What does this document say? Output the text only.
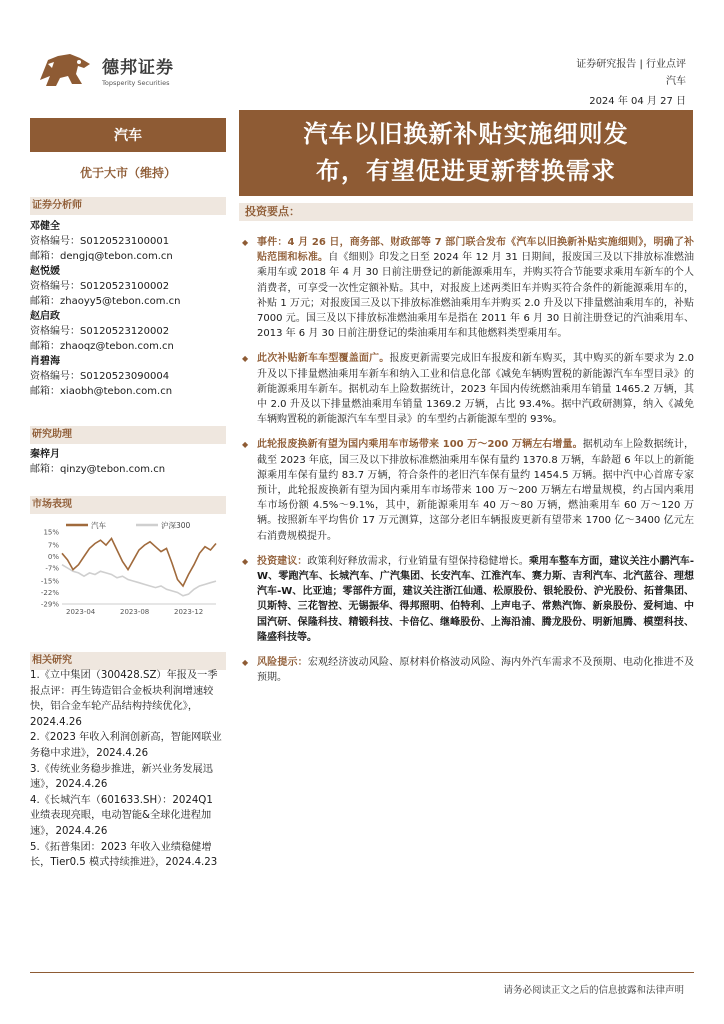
德邦证券
Topsperity Securities
证券研究报告 | 行业点评
汽车
2024 年 04 月 27 日
汽车
优于大市（维持）
汽车以旧换新补贴实施细则发
布，有望促进更新替换需求
证券分析师
邓健全
资格编号：S0120523100001
邮箱：dengjq@tebon.com.cn
赵悦媛
资格编号：S0120523100002
邮箱：zhaoyy5@tebon.com.cn
赵启政
资格编号：S0120523120002
邮箱：zhaoqz@tebon.com.cn
肖碧海
资格编号：S0120523090004
邮箱：xiaobh@tebon.com.cn
研究助理
秦梓月
邮箱：qinzy@tebon.com.cn
市场表现
汽车	沪深300
15%
7%
0%
-7%
-15%
-22%
-29%
2023-04	2023-08	2023-12
相关研究
1.《立中集团（300428.SZ）年报及一季报点评：再生铸造铝合金板块利润增速较快，铝合金车轮产品结构持续优化》，2024.4.26
2.《2023 年收入利润创新高，智能网联业务稳中求进》，2024.4.26
3.《传统业务稳步推进，新兴业务发展迅速》，2024.4.26
4.《长城汽车（601633.SH）：2024Q1 业绩表现亮眼，电动智能&全球化进程加速》，2024.4.26
5.《拓普集团：2023 年收入业绩稳健增长，Tier0.5 模式持续推进》，2024.4.23
投资要点：
◆ 事件：4 月 26 日，商务部、财政部等 7 部门联合发布《汽车以旧换新补贴实施细则》，明确了补贴范围和标准。自《细则》印发之日至 2024 年 12 月 31 日期间，报废国三及以下排放标准燃油乘用车或 2018 年 4 月 30 日前注册登记的新能源乘用车，并购买符合节能要求乘用车新车的个人消费者，可享受一次性定额补贴。其中，对报废上述两类旧车并购买符合条件的新能源乘用车的，补贴 1 万元；对报废国三及以下排放标准燃油乘用车并购买 2.0 升及以下排量燃油乘用车的，补贴 7000 元。国三及以下排放标准燃油乘用车是指在 2011 年 6 月 30 日前注册登记的汽油乘用车、2013 年 6 月 30 日前注册登记的柴油乘用车和其他燃料类型乘用车。
◆ 此次补贴新车车型覆盖面广。报废更新需要完成旧车报废和新车购买，其中购买的新车要求为 2.0 升及以下排量燃油乘用车新车和纳入工业和信息化部《减免车辆购置税的新能源汽车车型目录》的新能源乘用车新车。据机动车上险数据统计，2023 年国内传统燃油乘用车销量 1465.2 万辆，其中 2.0 升及以下排量燃油乘用车销量 1369.2 万辆，占比 93.4%。据中汽政研测算，纳入《减免车辆购置税的新能源汽车车型目录》的车型约占新能源车型的 93%。
◆ 此轮报废换新有望为国内乘用车市场带来 100 万～200 万辆左右增量。据机动车上险数据统计，截至 2023 年底，国三及以下排放标准燃油乘用车保有量约 1370.8 万辆，车龄超 6 年以上的新能源乘用车保有量约 83.7 万辆，符合条件的老旧汽车保有量约 1454.5 万辆。据中汽中心首席专家预计，此轮报废换新有望为国内乘用车市场带来 100 万～200 万辆左右增量规模，约占国内乘用车市场份额 4.5%～9.1%，其中，新能源乘用车 40 万～80 万辆，燃油乘用车 60 万～120 万辆。按照新车平均售价 17 万元测算，这部分老旧车辆报废更新有望带来 1700 亿～3400 亿元左右消费规模提升。
◆ 投资建议：政策利好释放需求，行业销量有望保持稳健增长。乘用车整车方面，建议关注小鹏汽车-W、零跑汽车、长城汽车、广汽集团、长安汽车、江淮汽车、赛力斯、吉利汽车、北汽蓝谷、理想汽车-W、比亚迪；零部件方面，建议关注浙江仙通、松原股份、银轮股份、沪光股份、拓普集团、贝斯特、三花智控、无锡振华、得邦照明、伯特利、上声电子、常熟汽饰、新泉股份、爱柯迪、中国汽研、保隆科技、精锻科技、卡倍亿、继峰股份、上海沿浦、腾龙股份、明新旭腾、模塑科技、隆盛科技等。
◆ 风险提示：宏观经济波动风险、原材料价格波动风险、海内外汽车需求不及预期、电动化推进不及预期。
请务必阅读正文之后的信息披露和法律声明
